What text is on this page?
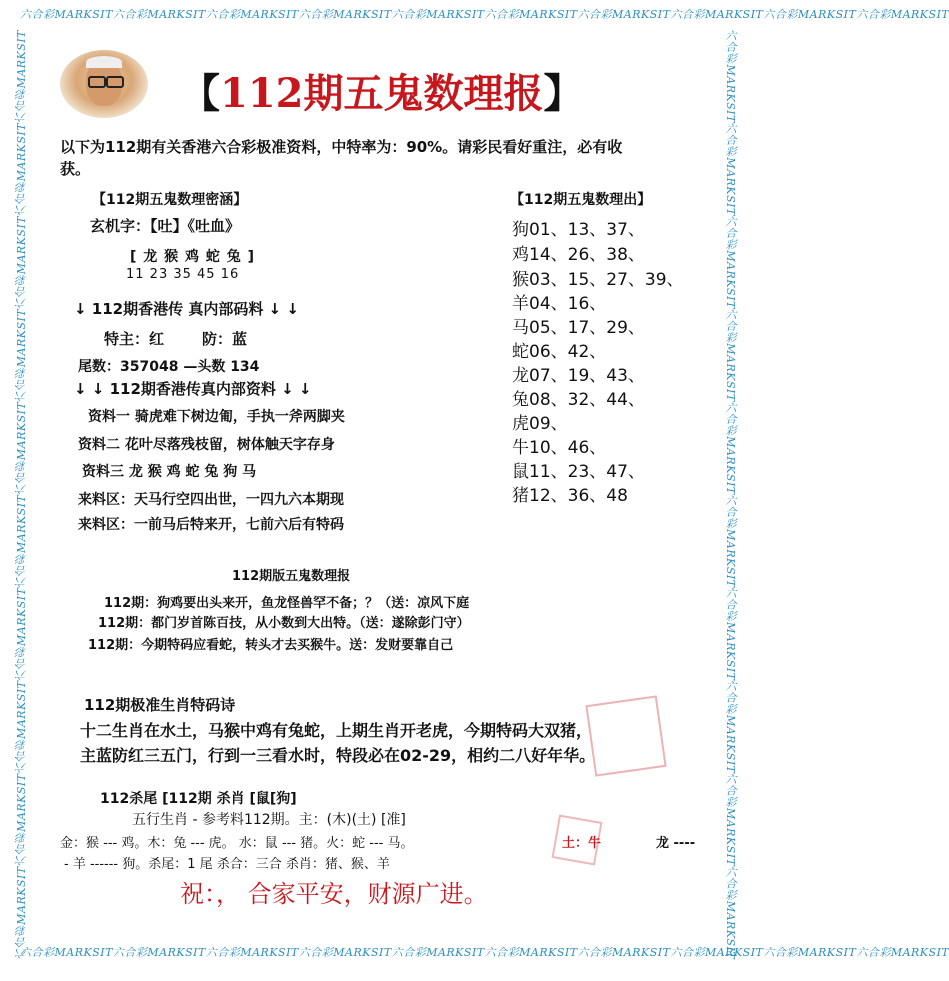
六合彩MARKSIT六合彩MARKSIT六合彩MARKSIT六合彩MARKSIT六合彩MARKSIT六合彩MARKSIT六合彩MARKSIT六合彩MARKSIT六合彩MARKSIT六合彩MARKSIT
六合彩MARKSIT六合彩MARKSIT六合彩MARKSIT六合彩MARKSIT六合彩MARKSIT六合彩MARKSIT六合彩MARKSIT六合彩MARKSIT六合彩MARKSIT六合彩MARKSIT
六合彩MARKSIT六合彩MARKSIT六合彩MARKSIT六合彩MARKSIT六合彩MARKSIT六合彩MARKSIT六合彩MARKSIT六合彩MARKSIT六合彩MARKSIT六合彩MARKSIT	六合彩MARKSIT六合彩MARKSIT六合彩MARKSIT六合彩MARKSIT六合彩MARKSIT六合彩MARKSIT六合彩MARKSIT六合彩MARKSIT六合彩MARKSIT六合彩MARKSIT
【112期五鬼数理报】
以下为112期有关香港六合彩极准资料，中特率为：90%。请彩民看好重注，必有收
获。
【112期五鬼数理密涵】
玄机字：【吐】《吐血》
[ 龙 猴 鸡 蛇 兔 ]
11 23 35 45 16
↓ 112期香港传 真内部码料 ↓ ↓
特主：红	防：蓝
尾数：357048 —头数 134
↓ ↓ 112期香港传真内部资料 ↓ ↓
资料一 骑虎难下树边匍，手执一斧两脚夹
资料二 花叶尽落残枝留，树体触天字存身
资料三 龙 猴 鸡 蛇 兔 狗 马
来料区：天马行空四出世，一四九六本期现
来料区：一前马后特来开，七前六后有特码
【112期五鬼数理出】
狗01、13、37、
鸡14、26、38、
猴03、15、27、39、
羊04、16、
马05、17、29、
蛇06、42、
龙07、19、43、
兔08、32、44、
虎09、
牛10、46、
鼠11、23、47、
猪12、36、48
112期版五鬼数理报
112期：狗鸡要出头来开，鱼龙怪兽罕不备；？（送：凉风下庭
112期：都门岁首陈百技，从小数到大出特。（送：遂除彭门守）
112期：今期特码应看蛇，转头才去买猴牛。送：发财要靠自己
112期极准生肖特码诗
十二生肖在水土，马猴中鸡有兔蛇，上期生肖开老虎，今期特码大双猪，
主蓝防红三五门，行到一三看水时，特段必在02-29，相约二八好年华。
112杀尾 [112期 杀肖 [鼠[狗]
五行生肖 - 参考料112期。主：(木)(土) [准]
金：猴 --- 鸡。木：兔 --- 虎。 水：鼠 --- 猪。火：蛇 --- 马。	土：牛	龙 ----
- 羊 ------ 狗。杀尾：1 尾 杀合：三合 杀肖：猪、猴、羊
祝：， 合家平安，财源广进。
